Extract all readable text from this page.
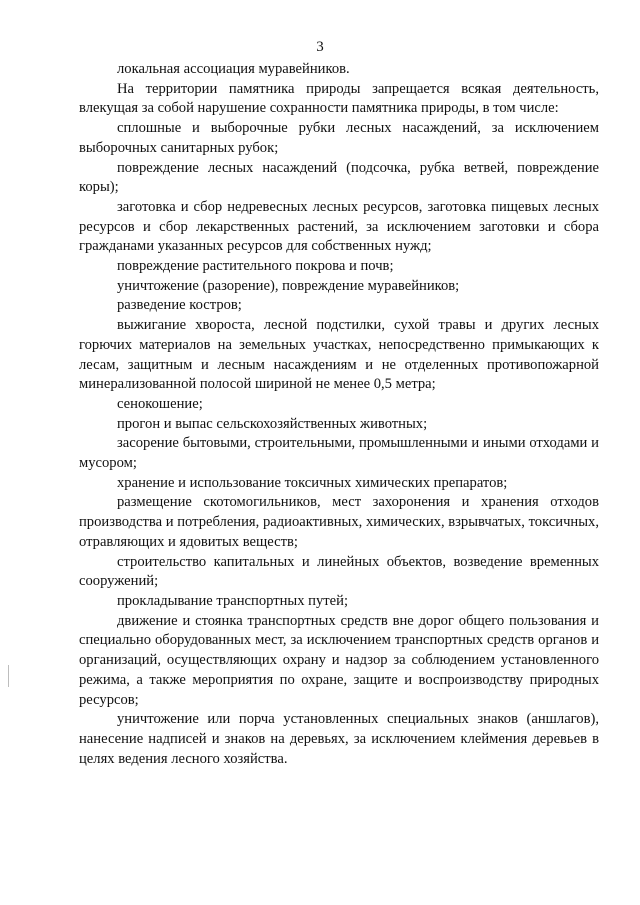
3

локальная ассоциация муравейников.

На территории памятника природы запрещается всякая деятельность, влекущая за собой нарушение сохранности памятника природы, в том числе:

сплошные и выборочные рубки лесных насаждений, за исключением выборочных санитарных рубок;

повреждение лесных насаждений (подсочка, рубка ветвей, повреждение коры);

заготовка и сбор недревесных лесных ресурсов, заготовка пищевых лесных ресурсов и сбор лекарственных растений, за исключением заготовки и сбора гражданами указанных ресурсов для собственных нужд;

повреждение растительного покрова и почв;

уничтожение (разорение), повреждение муравейников;

разведение костров;

выжигание хвороста, лесной подстилки, сухой травы и других лесных горючих материалов на земельных участках, непосредственно примыкающих к лесам, защитным и лесным насаждениям и не отделенных противопожарной минерализованной полосой шириной не менее 0,5 метра;

сенокошение;

прогон и выпас сельскохозяйственных животных;

засорение бытовыми, строительными, промышленными и иными отходами и мусором;

хранение и использование токсичных химических препаратов;

размещение скотомогильников, мест захоронения и хранения отходов производства и потребления, радиоактивных, химических, взрывчатых, токсичных, отравляющих и ядовитых веществ;

строительство капитальных и линейных объектов, возведение временных сооружений;

прокладывание транспортных путей;

движение и стоянка транспортных средств вне дорог общего пользования и специально оборудованных мест, за исключением транспортных средств органов и организаций, осуществляющих охрану и надзор за соблюдением установленного режима, а также мероприятия по охране, защите и воспроизводству природных ресурсов;

уничтожение или порча установленных специальных знаков (аншлагов), нанесение надписей и знаков на деревьях, за исключением клеймения деревьев в целях ведения лесного хозяйства.
